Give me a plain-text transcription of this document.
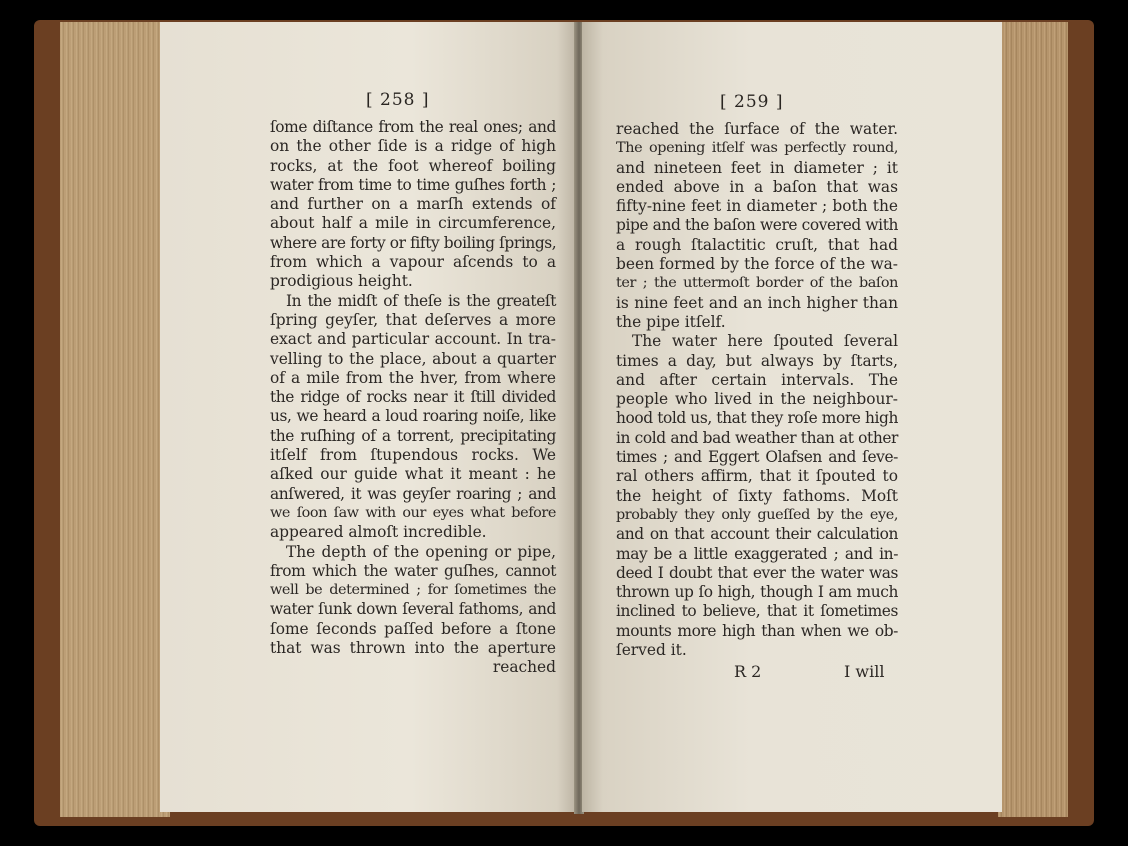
[ 258 ]
ſome diſtance from the real ones; and
on the other ſide is a ridge of high
rocks, at the foot whereof boiling
water from time to time guſhes forth ;
and further on a marſh extends of
about half a mile in circumference,
where are forty or fifty boiling ſprings,
from which a vapour aſcends to a
prodigious height.
In the midſt of theſe is the greateſt
ſpring geyſer, that deſerves a more
exact and particular account. In tra-
velling to the place, about a quarter
of a mile from the hver, from where
the ridge of rocks near it ſtill divided
us, we heard a loud roaring noiſe, like
the ruſhing of a torrent, precipitating
itſelf from ſtupendous rocks. We
aſked our guide what it meant : he
anſwered, it was geyſer roaring ; and
we ſoon ſaw with our eyes what before
appeared almoſt incredible.
The depth of the opening or pipe,
from which the water guſhes, cannot
well be determined ; for ſometimes the
water ſunk down ſeveral fathoms, and
ſome ſeconds paſſed before a ſtone
that was thrown into the aperture
reached
[ 259 ]
reached the ſurface of the water.
The opening itſelf was perfectly round,
and nineteen feet in diameter ; it
ended above in a baſon that was
fifty-nine feet in diameter ; both the
pipe and the baſon were covered with
a rough ſtalactitic cruſt, that had
been formed by the force of the wa-
ter ; the uttermoſt border of the baſon
is nine feet and an inch higher than
the pipe itſelf.
The water here ſpouted ſeveral
times a day, but always by ſtarts,
and after certain intervals. The
people who lived in the neighbour-
hood told us, that they roſe more high
in cold and bad weather than at other
times ; and Eggert Olafsen and ſeve-
ral others affirm, that it ſpouted to
the height of ſixty fathoms. Moſt
probably they only gueſſed by the eye,
and on that account their calculation
may be a little exaggerated ; and in-
deed I doubt that ever the water was
thrown up ſo high, though I am much
inclined to believe, that it ſometimes
mounts more high than when we ob-
ſerved it.
R 2	I will
